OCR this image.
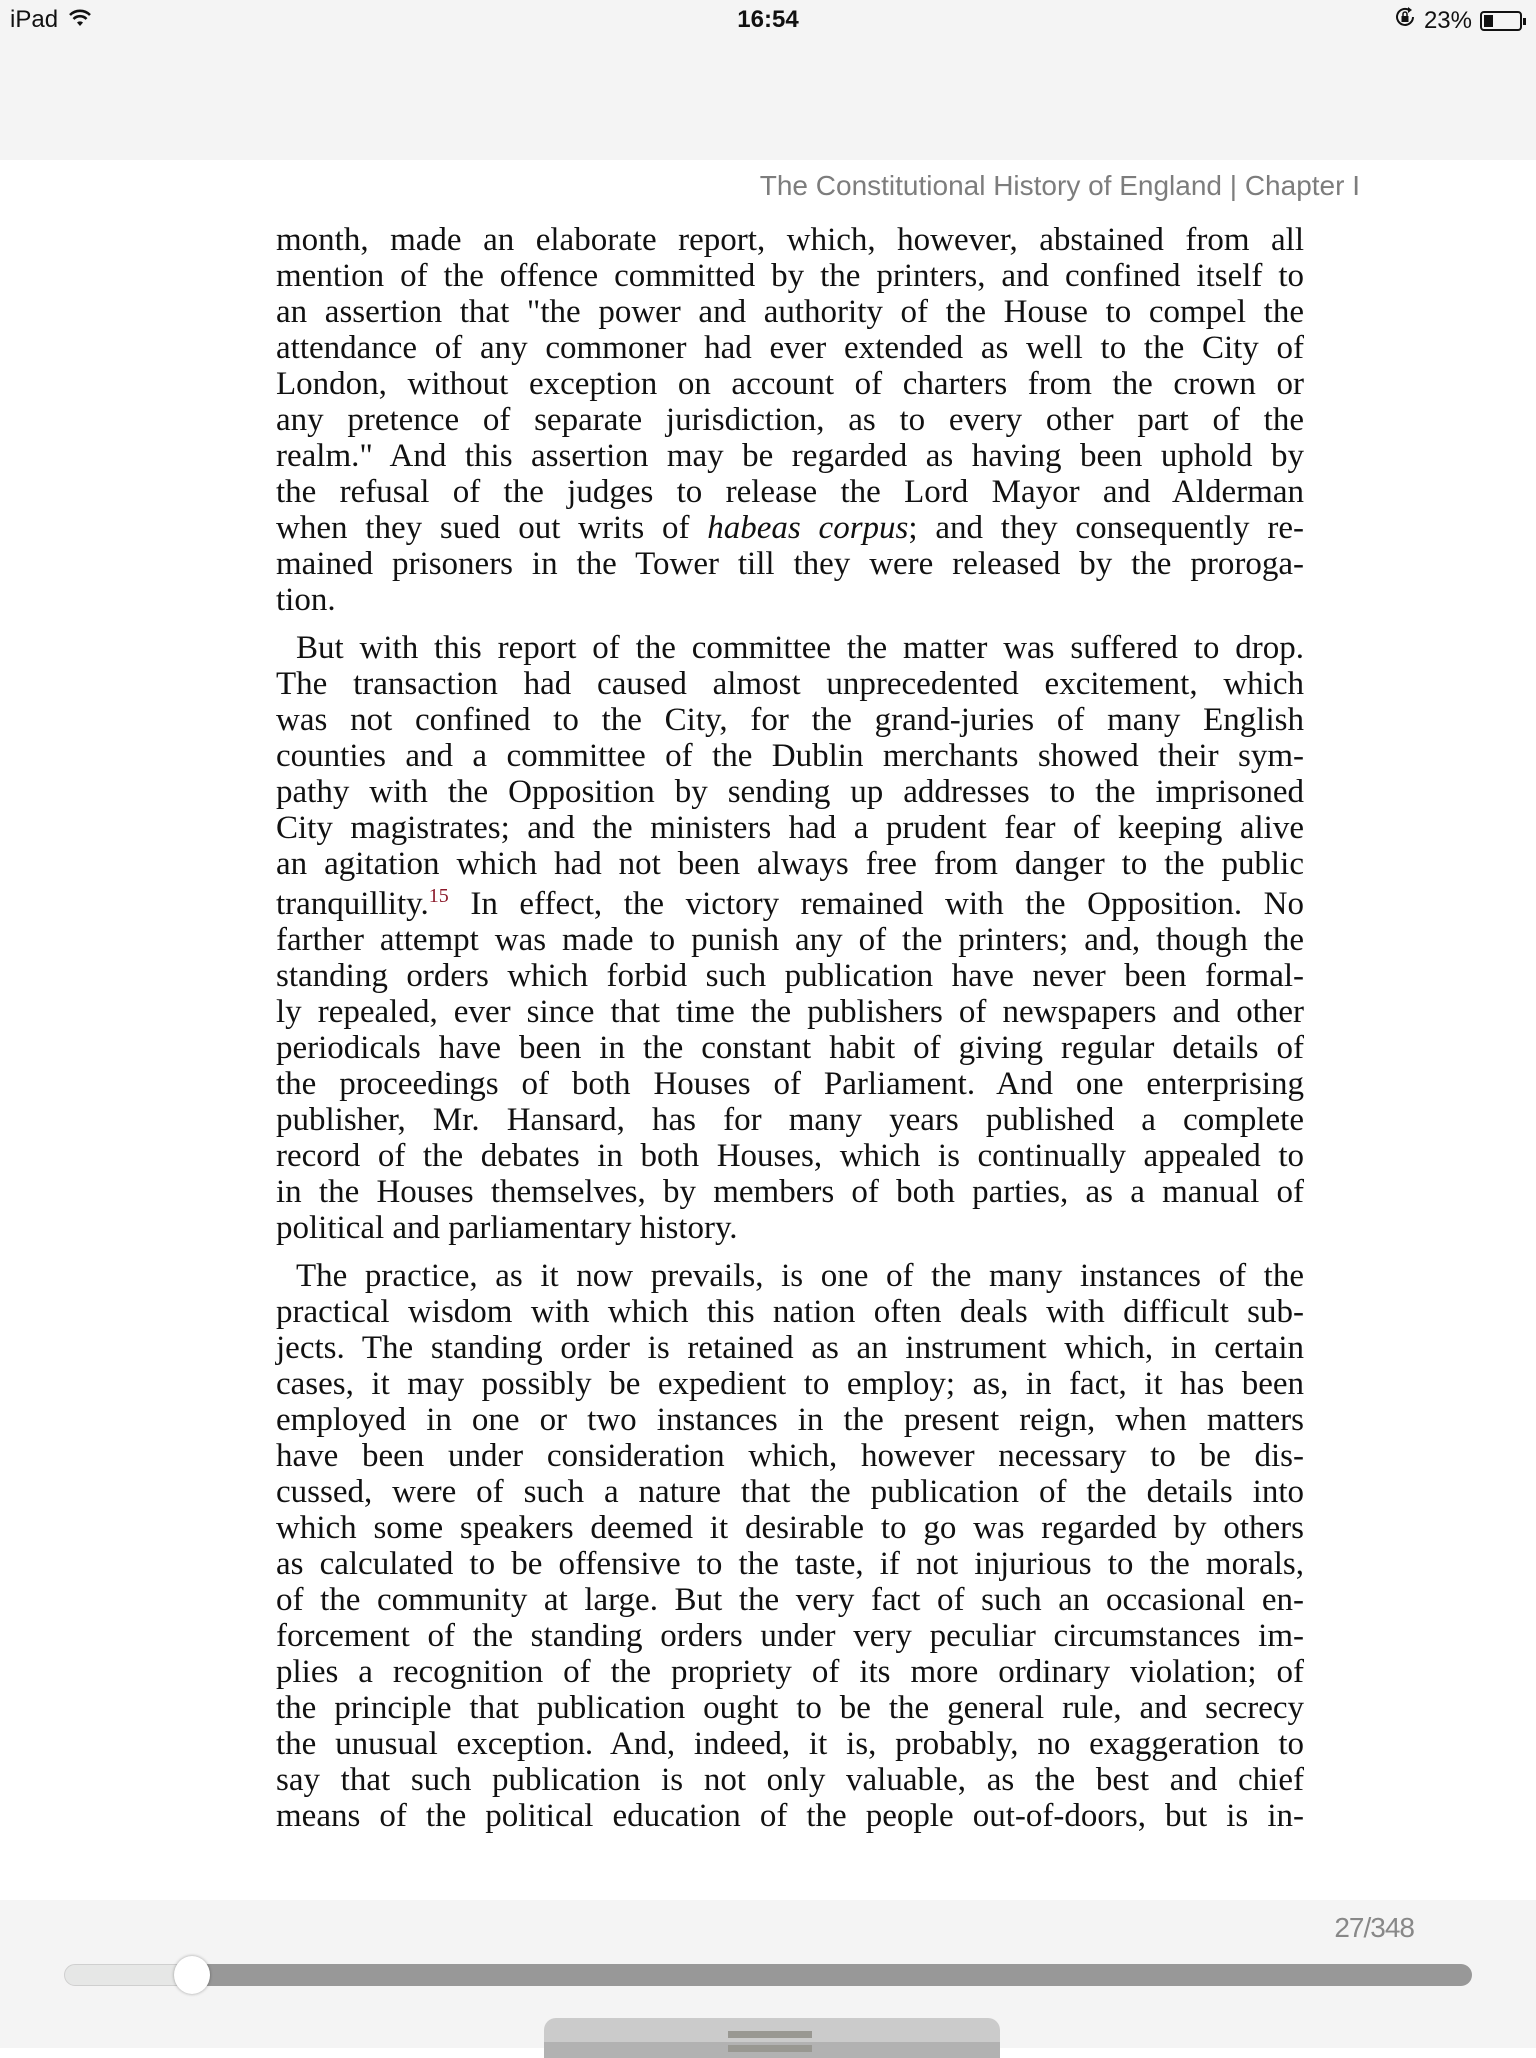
iPad	16:54	23%
The Constitutional History of England | Chapter I
month, made an elaborate report, which, however, abstained from all
mention of the offence committed by the printers, and confined itself to
an assertion that "the power and authority of the House to compel the
attendance of any commoner had ever extended as well to the City of
London, without exception on account of charters from the crown or
any pretence of separate jurisdiction, as to every other part of the
realm." And this assertion may be regarded as having been uphold by
the refusal of the judges to release the Lord Mayor and Alderman
when they sued out writs of habeas corpus; and they consequently re-
mained prisoners in the Tower till they were released by the proroga-
tion.
But with this report of the committee the matter was suffered to drop.
The transaction had caused almost unprecedented excitement, which
was not confined to the City, for the grand-juries of many English
counties and a committee of the Dublin merchants showed their sym-
pathy with the Opposition by sending up addresses to the imprisoned
City magistrates; and the ministers had a prudent fear of keeping alive
an agitation which had not been always free from danger to the public
tranquillity.$^{15}$ In effect, the victory remained with the Opposition. No
farther attempt was made to punish any of the printers; and, though the
standing orders which forbid such publication have never been formal-
ly repealed, ever since that time the publishers of newspapers and other
periodicals have been in the constant habit of giving regular details of
the proceedings of both Houses of Parliament. And one enterprising
publisher, Mr. Hansard, has for many years published a complete
record of the debates in both Houses, which is continually appealed to
in the Houses themselves, by members of both parties, as a manual of
political and parliamentary history.
The practice, as it now prevails, is one of the many instances of the
practical wisdom with which this nation often deals with difficult sub-
jects. The standing order is retained as an instrument which, in certain
cases, it may possibly be expedient to employ; as, in fact, it has been
employed in one or two instances in the present reign, when matters
have been under consideration which, however necessary to be dis-
cussed, were of such a nature that the publication of the details into
which some speakers deemed it desirable to go was regarded by others
as calculated to be offensive to the taste, if not injurious to the morals,
of the community at large. But the very fact of such an occasional en-
forcement of the standing orders under very peculiar circumstances im-
plies a recognition of the propriety of its more ordinary violation; of
the principle that publication ought to be the general rule, and secrecy
the unusual exception. And, indeed, it is, probably, no exaggeration to
say that such publication is not only valuable, as the best and chief
means of the political education of the people out-of-doors, but is in-
27/348
